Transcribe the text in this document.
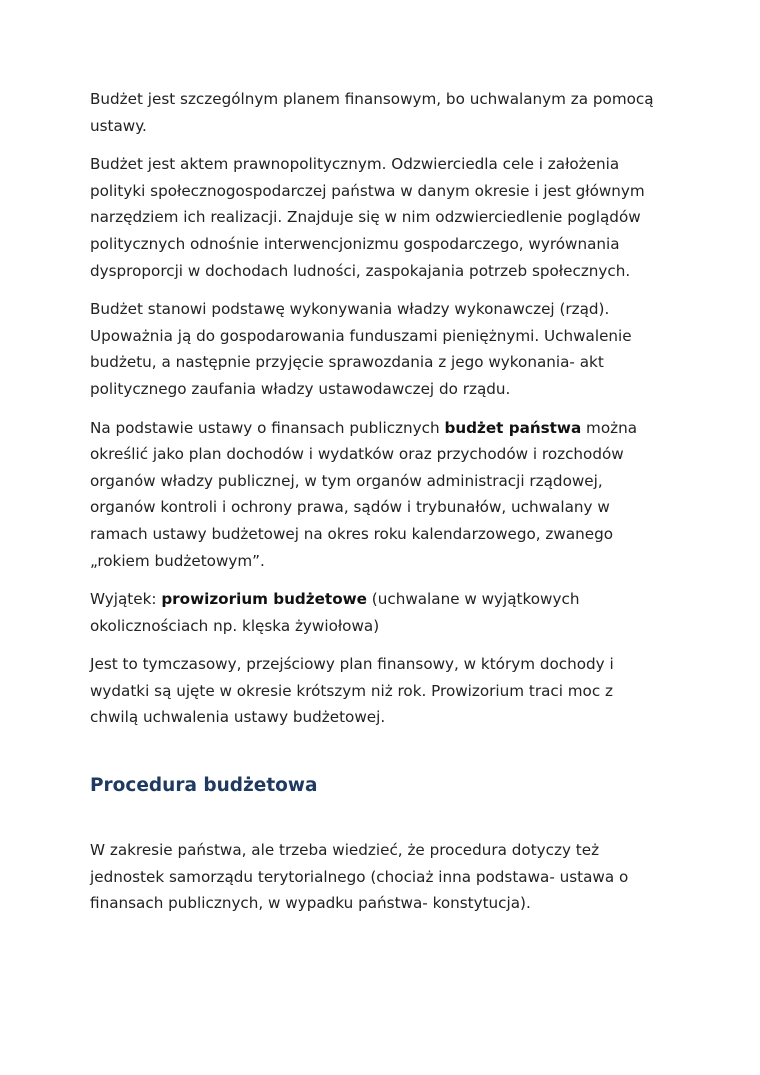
Budżet jest szczególnym planem finansowym, bo uchwalanym za pomocą
ustawy.

Budżet jest aktem prawnopolitycznym. Odzwierciedla cele i założenia
polityki społecznogospodarczej państwa w danym okresie i jest głównym
narzędziem ich realizacji. Znajduje się w nim odzwierciedlenie poglądów
politycznych odnośnie interwencjonizmu gospodarczego, wyrównania
dysproporcji w dochodach ludności, zaspokajania potrzeb społecznych.

Budżet stanowi podstawę wykonywania władzy wykonawczej (rząd).
Upoważnia ją do gospodarowania funduszami pieniężnymi. Uchwalenie
budżetu, a następnie przyjęcie sprawozdania z jego wykonania- akt
politycznego zaufania władzy ustawodawczej do rządu.

Na podstawie ustawy o finansach publicznych budżet państwa można
określić jako plan dochodów i wydatków oraz przychodów i rozchodów
organów władzy publicznej, w tym organów administracji rządowej,
organów kontroli i ochrony prawa, sądów i trybunałów, uchwalany w
ramach ustawy budżetowej na okres roku kalendarzowego, zwanego
„rokiem budżetowym”.

Wyjątek: prowizorium budżetowe (uchwalane w wyjątkowych
okolicznościach np. klęska żywiołowa)

Jest to tymczasowy, przejściowy plan finansowy, w którym dochody i
wydatki są ujęte w okresie krótszym niż rok. Prowizorium traci moc z
chwilą uchwalenia ustawy budżetowej.

Procedura budżetowa

W zakresie państwa, ale trzeba wiedzieć, że procedura dotyczy też
jednostek samorządu terytorialnego (chociaż inna podstawa- ustawa o
finansach publicznych, w wypadku państwa- konstytucja).
